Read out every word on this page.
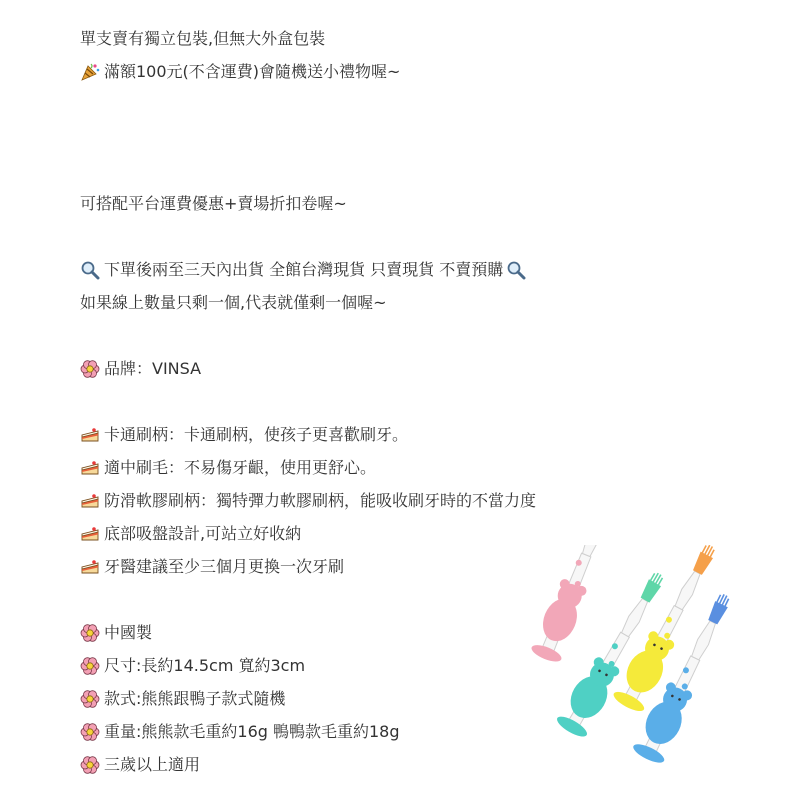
單支賣有獨立包裝,但無大外盒包裝
滿額100元(不含運費)會隨機送小禮物喔~
可搭配平台運費優惠+賣場折扣卷喔~
下單後兩至三天內出貨 全館台灣現貨 只賣現貨 不賣預購
如果線上數量只剩一個,代表就僅剩一個喔~
品牌：VINSA
卡通刷柄：卡通刷柄，使孩子更喜歡刷牙。
適中刷毛：不易傷牙齦，使用更舒心。
防滑軟膠刷柄：獨特彈力軟膠刷柄，能吸收刷牙時的不當力度
底部吸盤設計,可站立好收納
牙醫建議至少三個月更換一次牙刷
中國製
尺寸:長約14.5cm 寬約3cm
款式:熊熊跟鴨子款式隨機
重量:熊熊款毛重約16g 鴨鴨款毛重約18g
三歲以上適用
